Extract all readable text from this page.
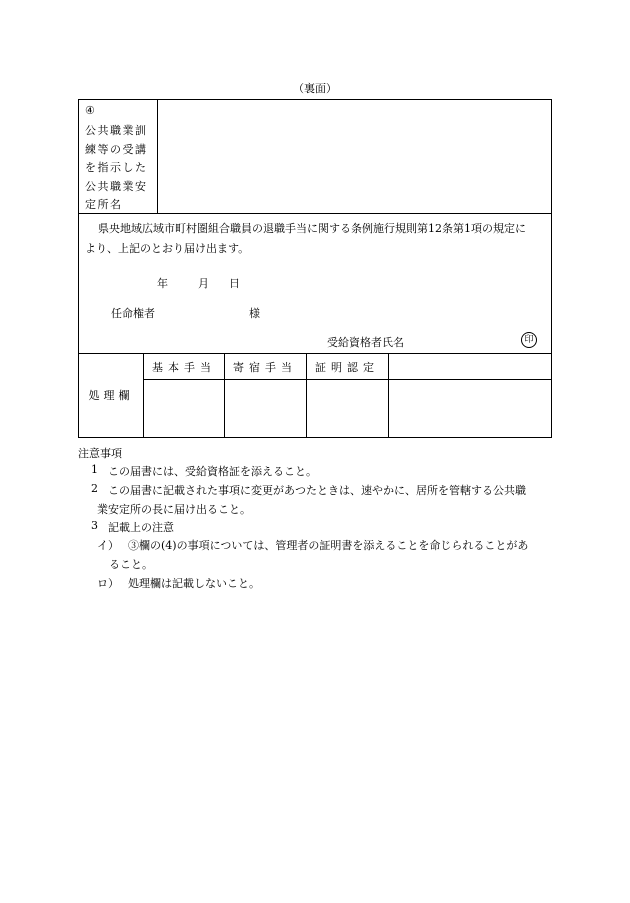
（裏面）
④
公共職業訓
練等の受講
を指示した
公共職業安
定所名
県央地域広域市町村圏組合職員の退職手当に関する条例施行規則第12条第1項の規定に
より、上記のとおり届け出ます。
年	月 日
任命権者	様
受給資格者氏名	印
処理欄
基本手当	寄宿手当	証明認定
注意事項
1 この届書には、受給資格証を添えること。
2 この届書に記載された事項に変更があつたときは、速やかに、居所を管轄する公共職
業安定所の長に届け出ること。
3 記載上の注意
イ） ③欄の(4)の事項については、管理者の証明書を添えることを命じられることがあ
ること。
ロ） 処理欄は記載しないこと。
